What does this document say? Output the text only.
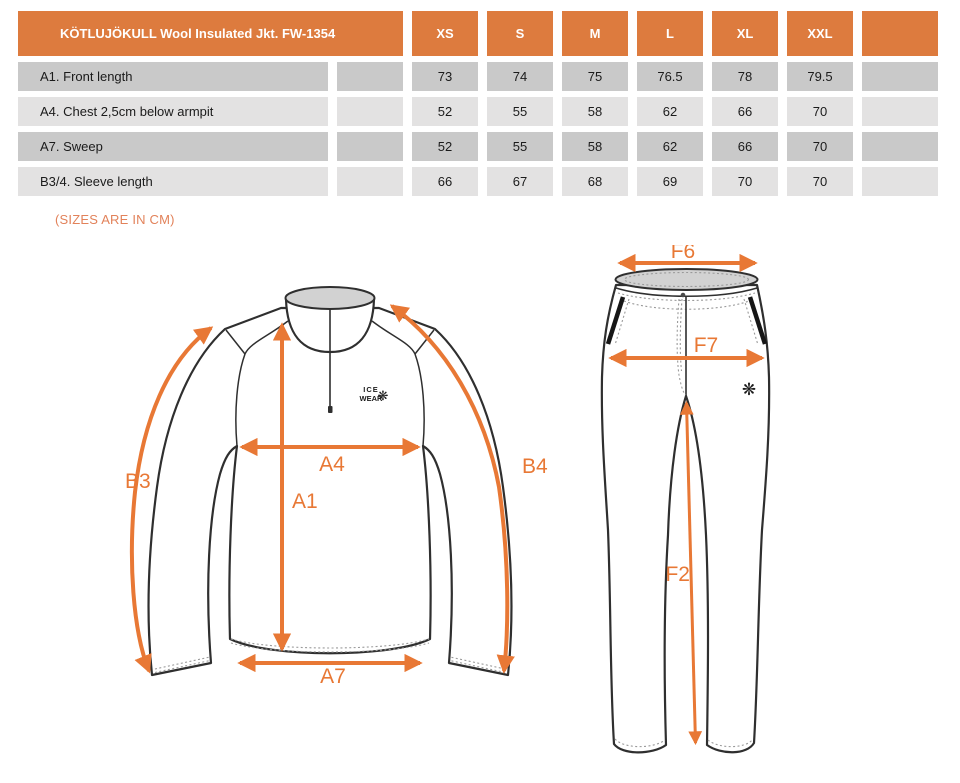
KÖTLUJÖKULL Wool Insulated Jkt. FW-1354	XS	S	M	L	XL	XXL
A1. Front length	73	74	75	76.5	78	79.5
A4. Chest 2,5cm below armpit	52	55	58	62	66	70
A7. Sweep	52	55	58	62	66	70
B3/4. Sleeve length	66	67	68	69	70	70
(SIZES ARE IN CM)
ICE
WEAR
❋
B3
B4
A4
A1
A7
❋
F6
F7
F2
